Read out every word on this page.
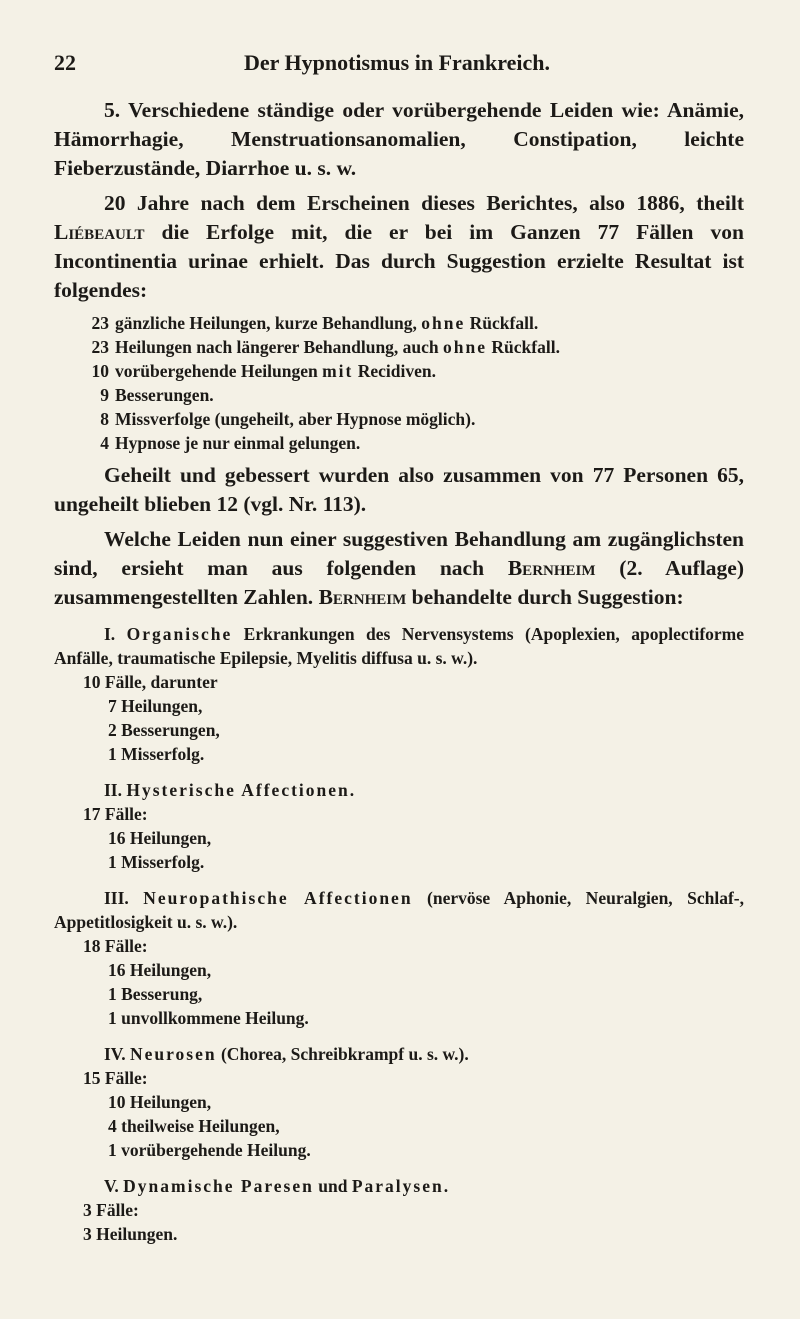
22	Der Hypnotismus in Frankreich.

5. Verschiedene ständige oder vorübergehende Leiden wie: Anämie, Hämorrhagie, Menstruationsanomalien, Constipation, leichte Fieberzustände, Diarrhoe u. s. w.

20 Jahre nach dem Erscheinen dieses Berichtes, also 1886, theilt Liébeault die Erfolge mit, die er bei im Ganzen 77 Fällen von Incontinentia urinae erhielt. Das durch Suggestion erzielte Resultat ist folgendes:

23 gänzliche Heilungen, kurze Behandlung, ohne Rückfall.
23 Heilungen nach längerer Behandlung, auch ohne Rückfall.
10 vorübergehende Heilungen mit Recidiven.
9 Besserungen.
8 Missverfolge (ungeheilt, aber Hypnose möglich).
4 Hypnose je nur einmal gelungen.

Geheilt und gebessert wurden also zusammen von 77 Personen 65, ungeheilt blieben 12 (vgl. Nr. 113).

Welche Leiden nun einer suggestiven Behandlung am zugänglichsten sind, ersieht man aus folgenden nach Bernheim (2. Auflage) zusammengestellten Zahlen. Bernheim behandelte durch Suggestion:

I. Organische Erkrankungen des Nervensystems (Apoplexien, apoplectiforme Anfälle, traumatische Epilepsie, Myelitis diffusa u. s. w.).

10 Fälle, darunter
7 Heilungen,
2 Besserungen,
1 Misserfolg.

II. Hysterische Affectionen.

17 Fälle:
16 Heilungen,
1 Misserfolg.

III. Neuropathische Affectionen (nervöse Aphonie, Neuralgien, Schlaf-, Appetitlosigkeit u. s. w.).

18 Fälle:
16 Heilungen,
1 Besserung,
1 unvollkommene Heilung.

IV. Neurosen (Chorea, Schreibkrampf u. s. w.).

15 Fälle:
10 Heilungen,
4 theilweise Heilungen,
1 vorübergehende Heilung.

V. Dynamische Paresen und Paralysen.

3 Fälle:
3 Heilungen.
